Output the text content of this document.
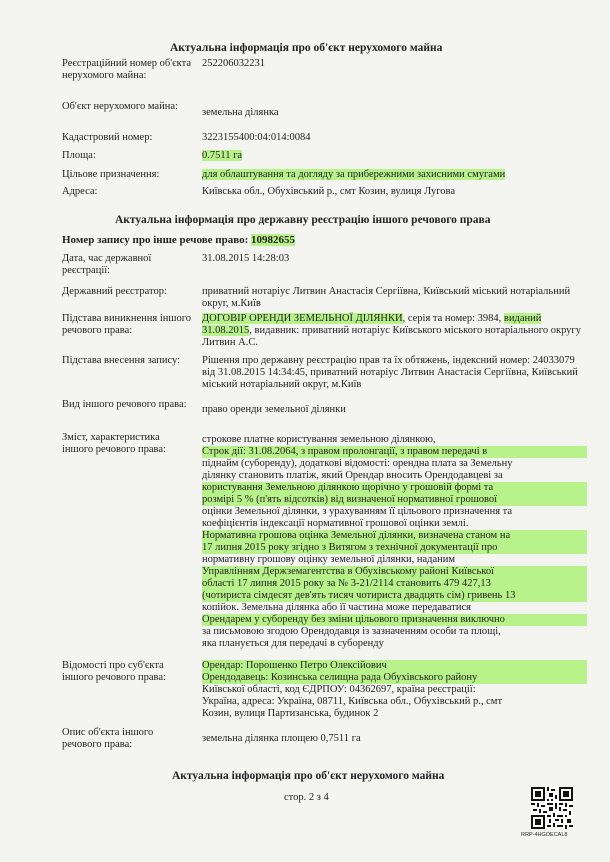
Актуальна інформація про об'єкт нерухомого майна
Реєстраційний номер об'єкта нерухомого майна:
252206032231
Об'єкт нерухомого майна:
земельна ділянка
Кадастровий номер:	3223155400:04:014:0084
Площа:	0.7511 га
Цільове призначення:	для облаштування та догляду за прибережними захисними смугами
Адреса:	Київська обл., Обухівський р., смт Козин, вулиця Лугова
Актуальна інформація про державну реєстрацію іншого речового права
Номер запису про інше речове право: 10982655
Дата, час державної реєстрації:
31.08.2015 14:28:03
Державний реєстратор:	приватний нотаріус Литвин Анастасія Сергіївна, Київський міський нотаріальний округ, м.Київ
Підстава виникнення іншого речового права:
ДОГОВІР ОРЕНДИ ЗЕМЕЛЬНОЇ ДІЛЯНКИ, серія та номер: 3984, виданий 31.08.2015, видавник: приватний нотаріус Київського міського нотаріального округу Литвин А.С.
Підстава внесення запису:	Рішення про державну реєстрацію прав та їх обтяжень, індексний номер: 24033079 від 31.08.2015 14:34:45, приватний нотаріус Литвин Анастасія Сергіївна, Київський міський нотаріальний округ, м.Київ
Вид іншого речового права:	право оренди земельної ділянки
Зміст, характеристика іншого речового права:
строкове платне користування земельною ділянкою,
Строк дії: 31.08.2064, з правом пролонгації, з правом передачі в
піднайм (суборенду), додаткові відомості: орендна плата за Земельну
ділянку становить платіж, який Орендар вносить Орендодавцеві за
користування Земельною ділянкою щорічно у грошовій формі та
розмірі 5 % (п'ять відсотків) від визначеної нормативної грошової
оцінки Земельної ділянки, з урахуванням її цільового призначення та
коефіцієнтів індексації нормативної грошової оцінки землі.
Нормативна грошова оцінка Земельної ділянки, визначена станом на
17 липня 2015 року згідно з Витягом з технічної документації про
нормативну грошову оцінку земельної ділянки, наданим
Управлінням Держземагентства в Обухівському районі Київської
області 17 липня 2015 року за № 3-21/2114 становить 479 427,13
(чотириста сімдесят дев'ять тисяч чотириста двадцять сім) гривень 13
копійок. Земельна ділянка або її частина може передаватися
Орендарем у суборенду без зміни цільового призначення виключно
за письмовою згодою Орендодавця із зазначенням особи та площі,
яка планується для передачі в суборенду
Відомості про суб'єкта іншого речового права:
Орендар: Порошенко Петро Олексійович
Орендодавець: Козинська селищна рада Обухівського району
Київської області, код ЄДРПОУ: 04362697, країна реєстрації:
Україна, адреса: Україна, 08711, Київська обл., Обухівський р., смт
Козин, вулиця Партизанська, будинок 2
Опис об'єкта іншого речового права:
земельна ділянка площею 0,7511 га
Актуальна інформація про об'єкт нерухомого майна
стор. 2 з 4
RRP-4HGOECAL8
